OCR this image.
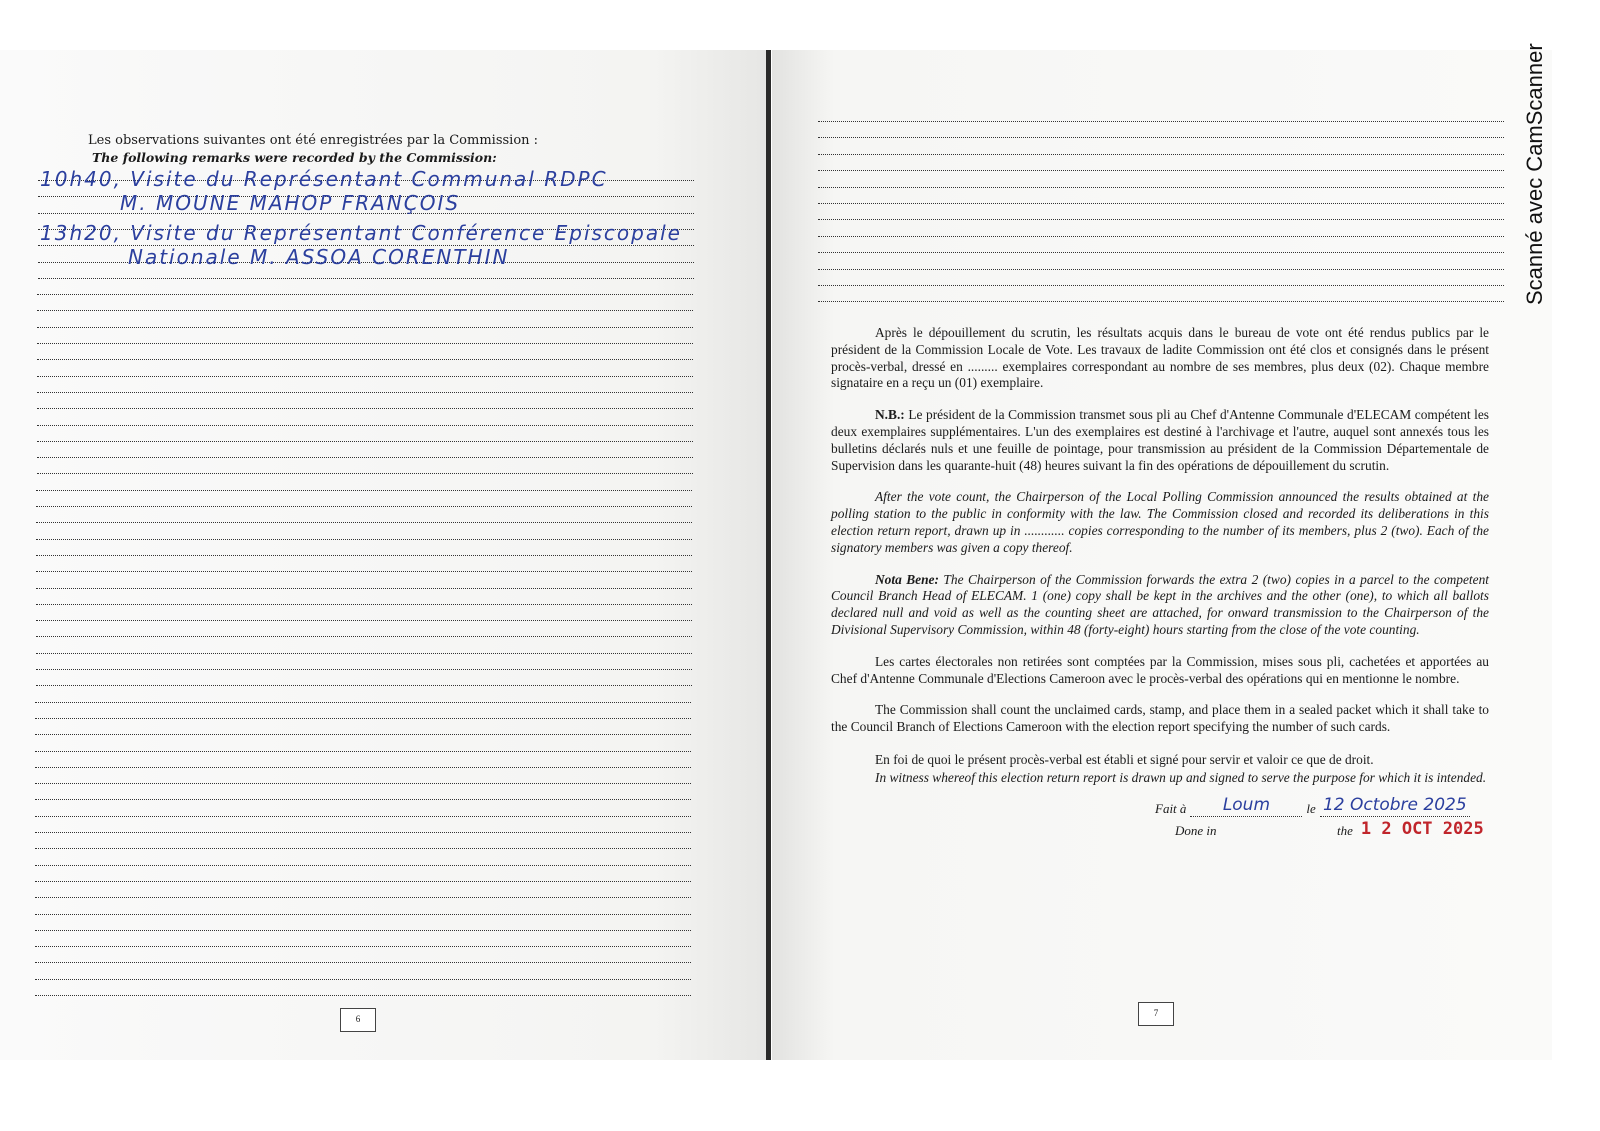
Les observations suivantes ont été enregistrées par la Commission :
The following remarks were recorded by the Commission:
10h40, Visite du Représentant Communal RDPC
M. MOUNE MAHOP FRANÇOIS
13h20, Visite du Représentant Conférence Episcopale
Nationale M. ASSOA CORENTHIN
6

Après le dépouillement du scrutin, les résultats acquis dans le bureau de vote ont été rendus publics par le président de la Commission Locale de Vote. Les travaux de ladite Commission ont été clos et consignés dans le présent procès-verbal, dressé en ......... exemplaires correspondant au nombre de ses membres, plus deux (02). Chaque membre signataire en a reçu un (01) exemplaire.

N.B.: Le président de la Commission transmet sous pli au Chef d'Antenne Communale d'ELECAM compétent les deux exemplaires supplémentaires. L'un des exemplaires est destiné à l'archivage et l'autre, auquel sont annexés tous les bulletins déclarés nuls et une feuille de pointage, pour transmission au président de la Commission Départementale de Supervision dans les quarante-huit (48) heures suivant la fin des opérations de dépouillement du scrutin.

After the vote count, the Chairperson of the Local Polling Commission announced the results obtained at the polling station to the public in conformity with the law. The Commission closed and recorded its deliberations in this election return report, drawn up in ............ copies corresponding to the number of its members, plus 2 (two). Each of the signatory members was given a copy thereof.

Nota Bene: The Chairperson of the Commission forwards the extra 2 (two) copies in a parcel to the competent Council Branch Head of ELECAM. 1 (one) copy shall be kept in the archives and the other (one), to which all ballots declared null and void as well as the counting sheet are attached, for onward transmission to the Chairperson of the Divisional Supervisory Commission, within 48 (forty-eight) hours starting from the close of the vote counting.

Les cartes électorales non retirées sont comptées par la Commission, mises sous pli, cachetées et apportées au Chef d'Antenne Communale d'Elections Cameroon avec le procès-verbal des opérations qui en mentionne le nombre.

The Commission shall count the unclaimed cards, stamp, and place them in a sealed packet which it shall take to the Council Branch of Elections Cameroon with the election report specifying the number of such cards.

En foi de quoi le présent procès-verbal est établi et signé pour servir et valoir ce que de droit.

In witness whereof this election return report is drawn up and signed to serve the purpose for which it is intended.

Fait à	Loum	le 12 Octobre 2025
Done in	the 1 2 OCT 2025
7
Scanné avec CamScanner
